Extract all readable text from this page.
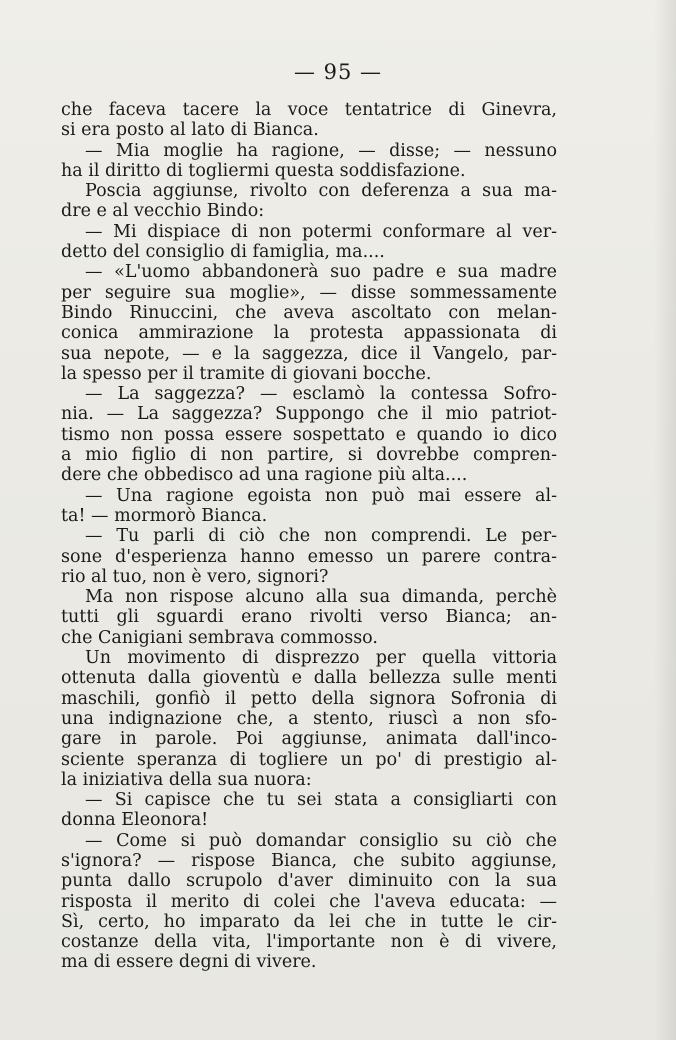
— 95 —
che faceva tacere la voce tentatrice di Ginevra,
si era posto al lato di Bianca.
— Mia moglie ha ragione, — disse; — nessuno
ha il diritto di togliermi questa soddisfazione.
Poscia aggiunse, rivolto con deferenza a sua ma-
dre e al vecchio Bindo:
— Mi dispiace di non potermi conformare al ver-
detto del consiglio di famiglia, ma....
— «L'uomo abbandonerà suo padre e sua madre
per seguire sua moglie», — disse sommessamente
Bindo Rinuccini, che aveva ascoltato con melan-
conica ammirazione la protesta appassionata di
sua nepote, — e la saggezza, dice il Vangelo, par-
la spesso per il tramite di giovani bocche.
— La saggezza? — esclamò la contessa Sofro-
nia. — La saggezza? Suppongo che il mio patriot-
tismo non possa essere sospettato e quando io dico
a mio figlio di non partire, si dovrebbe compren-
dere che obbedisco ad una ragione più alta....
— Una ragione egoista non può mai essere al-
ta! — mormorò Bianca.
— Tu parli di ciò che non comprendi. Le per-
sone d'esperienza hanno emesso un parere contra-
rio al tuo, non è vero, signori?
Ma non rispose alcuno alla sua dimanda, perchè
tutti gli sguardi erano rivolti verso Bianca; an-
che Canigiani sembrava commosso.
Un movimento di disprezzo per quella vittoria
ottenuta dalla gioventù e dalla bellezza sulle menti
maschili, gonfiò il petto della signora Sofronia di
una indignazione che, a stento, riuscì a non sfo-
gare in parole. Poi aggiunse, animata dall'inco-
sciente speranza di togliere un po' di prestigio al-
la iniziativa della sua nuora:
— Si capisce che tu sei stata a consigliarti con
donna Eleonora!
— Come si può domandar consiglio su ciò che
s'ignora? — rispose Bianca, che subito aggiunse,
punta dallo scrupolo d'aver diminuito con la sua
risposta il merito di colei che l'aveva educata: —
Sì, certo, ho imparato da lei che in tutte le cir-
costanze della vita, l'importante non è di vivere,
ma di essere degni di vivere.
